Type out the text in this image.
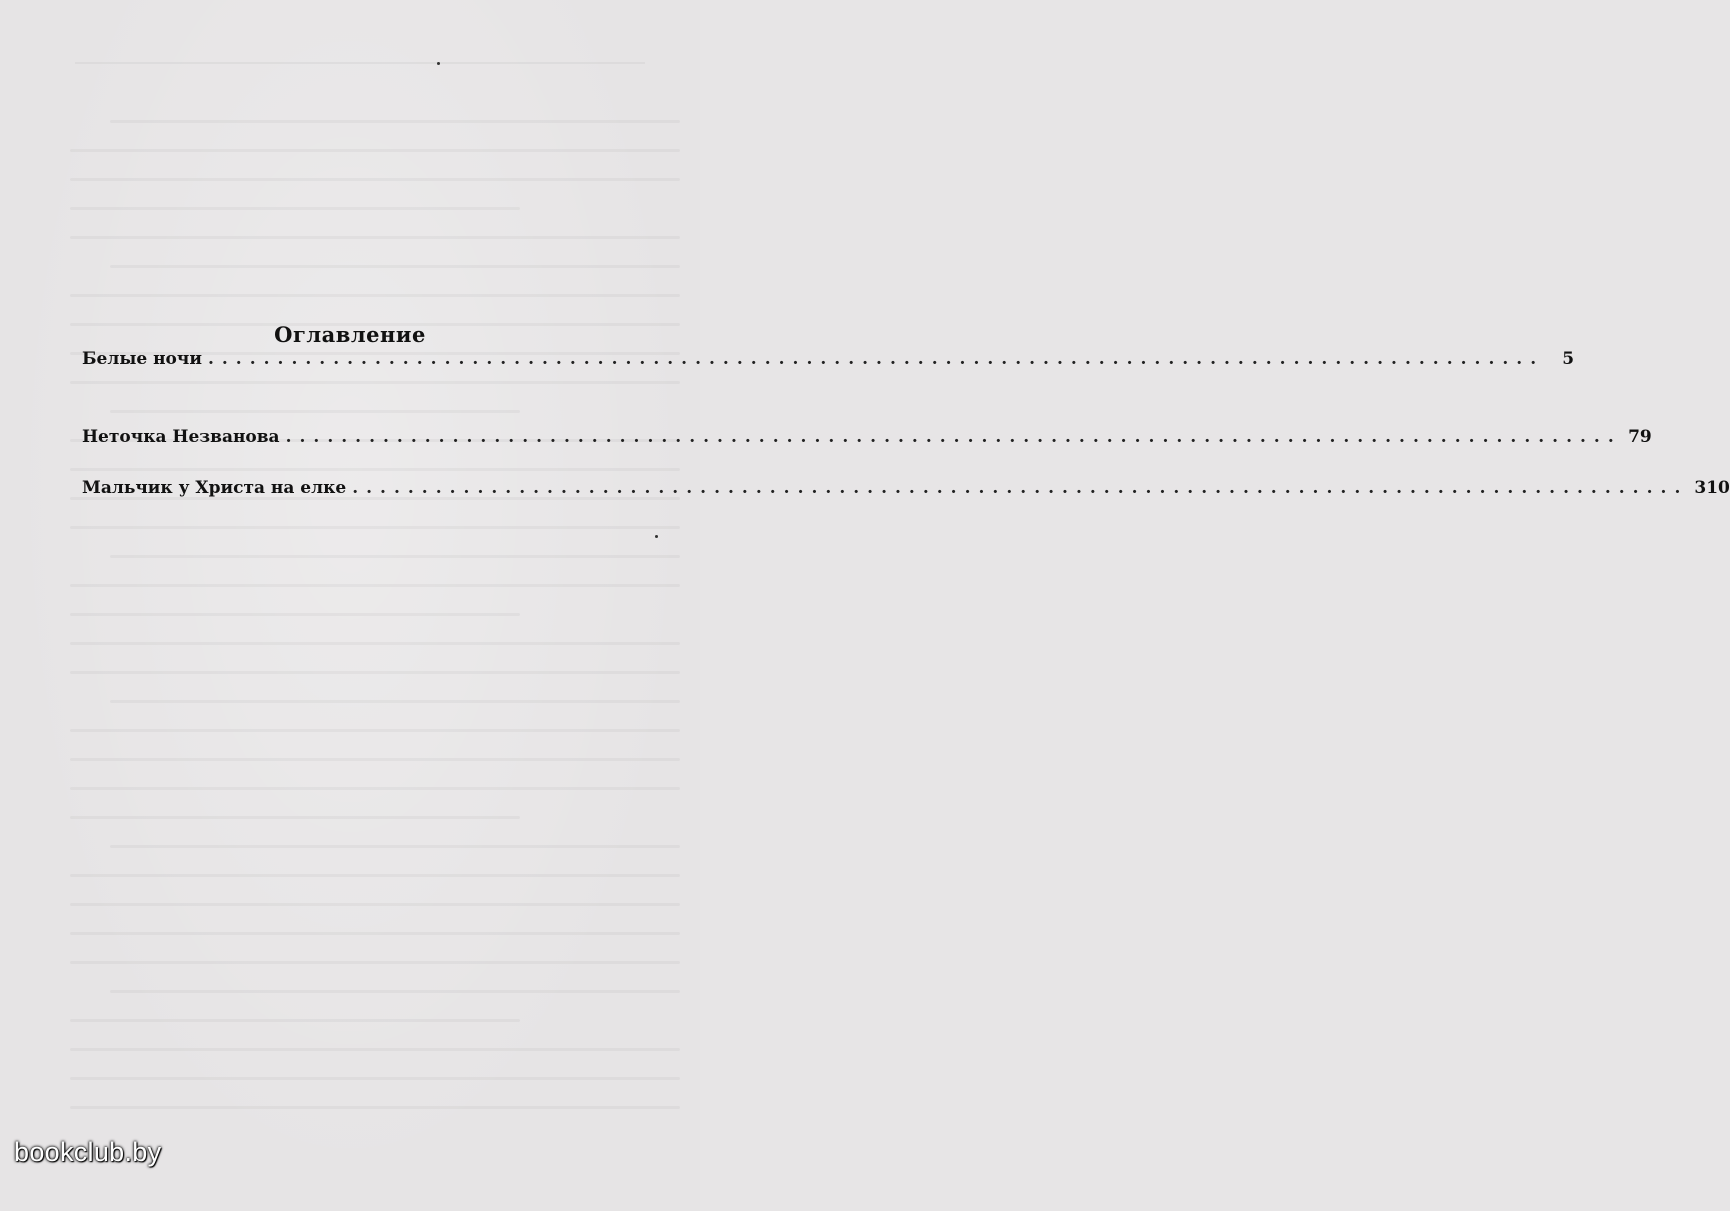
Оглавление
Белые ночи ................................................................................................	5
Неточка Незванова ................................................................................................ 79
Мальчик у Христа на елке ................................................................................................ 310
bookclub.by
